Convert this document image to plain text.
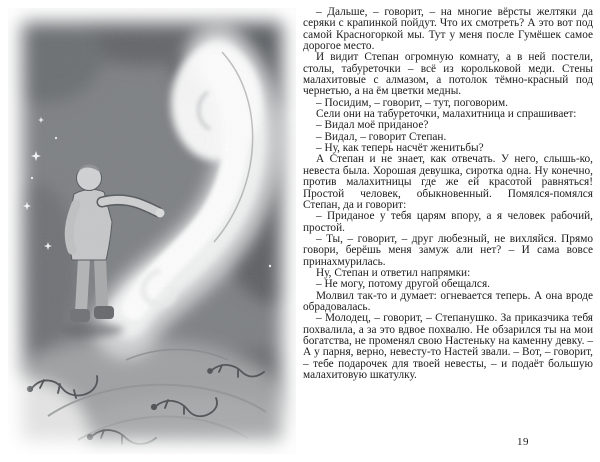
– Дальше, – говорит, – на многие вёрсты желтяки да серяки с крапинкой пойдут. Что их смотреть? А это вот под самой Красногоркой мы. Тут у меня после Гумёшек самое дорогое место.

И видит Степан огромную комнату, а в ней постели, столы, табуреточки – всё из корольковой меди. Стены малахитовые с алмазом, а потолок тёмно-красный под чернетью, а на ём цветки медны.

– Посидим, – говорит, – тут, поговорим.

Сели они на табуреточки, малахитница и спрашивает:

– Видал моё приданое?

– Видал, – говорит Степан.

– Ну, как теперь насчёт женитьбы?

А Степан и не знает, как отвечать. У него, слышь-ко, невеста была. Хорошая девушка, сиротка одна. Ну конечно, против малахитницы где же ей красотой равняться! Простой человек, обыкновенный. Помялся-помялся Степан, да и говорит:

– Приданое у тебя царям впору, а я человек рабочий, простой.

– Ты, – говорит, – друг любезный, не вихляйся. Прямо говори, берёшь меня замуж али нет? – И сама вовсе принахмурилась.

Ну, Степан и ответил напрямки:

– Не могу, потому другой обещался.

Молвил так-то и думает: огневается теперь. А она вроде обрадовалась.

– Молодец, – говорит, – Степанушко. За приказчика тебя похвалила, а за это вдвое похвалю. Не обзарился ты на мои богатства, не променял свою Настеньку на каменну девку. – А у парня, верно, невесту-то Настей звали. – Вот, – говорит, – тебе подарочек для твоей невесты, – и подаёт большую малахитовую шкатулку.

19
